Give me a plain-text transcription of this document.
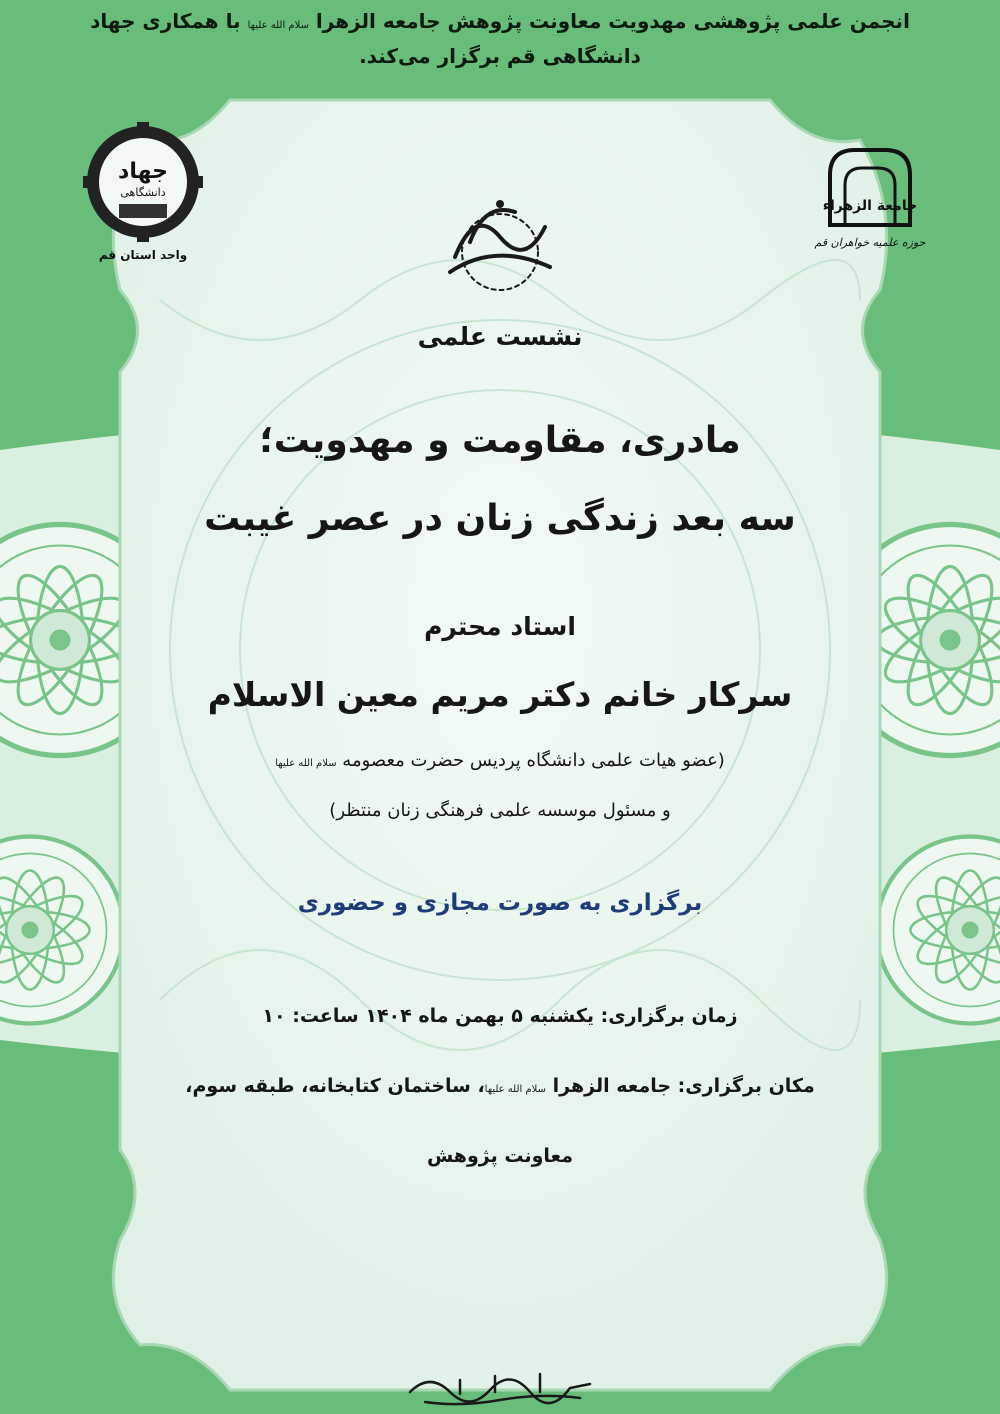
انجمن علمی پژوهشی مهدویت معاونت پژوهش جامعه الزهرا سلام الله علیها با همکاری جهاد
دانشگاهی قم برگزار می‌کند.
جهاد
دانشگاهی
واحد استان قم
جامعة الزهراء
حوزه علمیه خواهران قم
نشست علمی
مادری، مقاومت و مهدویت؛
سه بعد زندگی زنان در عصر غیبت
استاد محترم
سرکار خانم دکتر مریم معین الاسلام
(عضو هیات علمی دانشگاه پردیس حضرت معصومه سلام الله علیها
و مسئول موسسه علمی فرهنگی زنان منتظر)
برگزاری به صورت مجازی و حضوری
زمان برگزاری: یکشنبه ۵ بهمن ماه ۱۴۰۴ ساعت: ۱۰
مکان برگزاری: جامعه الزهرا سلام الله علیها، ساختمان کتابخانه، طبقه سوم،
معاونت پژوهش
